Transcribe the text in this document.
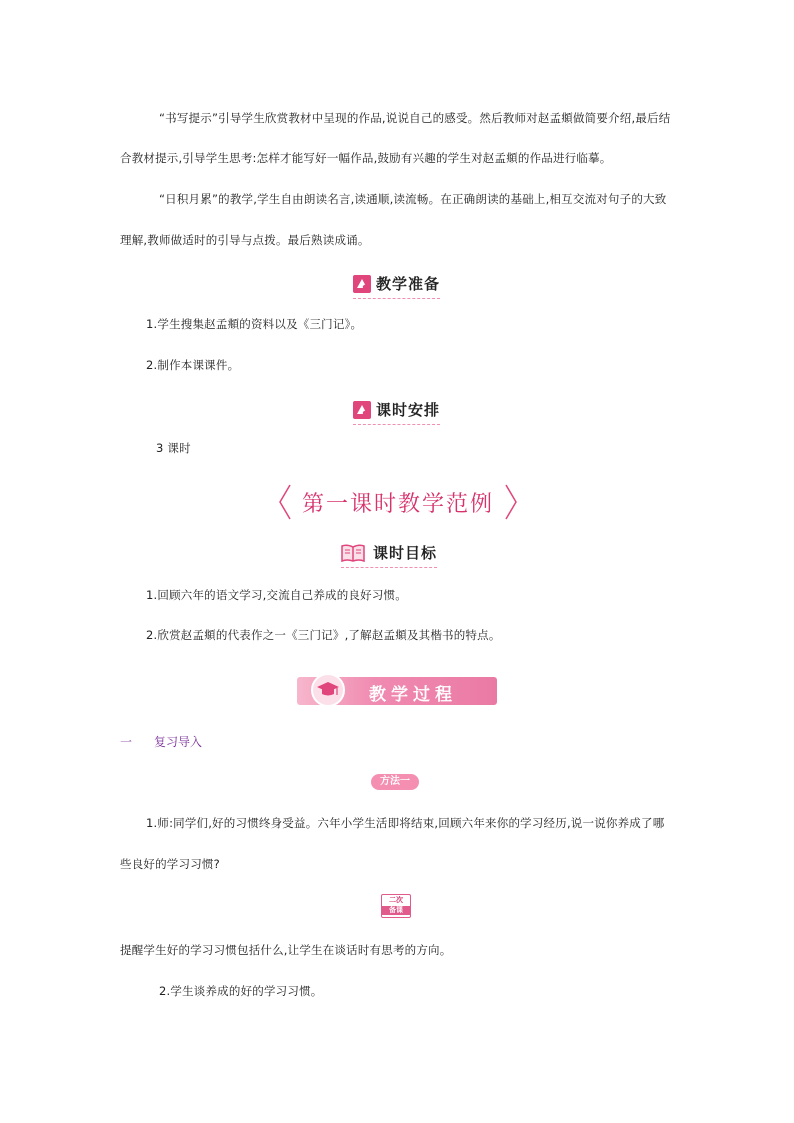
“书写提示”引导学生欣赏教材中呈现的作品,说说自己的感受。然后教师对赵孟頫做简要介绍,最后结
合教材提示,引导学生思考:怎样才能写好一幅作品,鼓励有兴趣的学生对赵孟頫的作品进行临摹。
“日积月累”的教学,学生自由朗读名言,读通顺,读流畅。在正确朗读的基础上,相互交流对句子的大致
理解,教师做适时的引导与点拨。最后熟读成诵。
教学准备
1.学生搜集赵孟頫的资料以及《三门记》。
2.制作本课课件。
课时安排
3 课时
第一课时教学范例
课时目标
1.回顾六年的语文学习,交流自己养成的良好习惯。
2.欣赏赵孟頫的代表作之一《三门记》,了解赵孟頫及其楷书的特点。
教学过程
一 复习导入
方法一
1.师:同学们,好的习惯终身受益。六年小学生活即将结束,回顾六年来你的学习经历,说一说你养成了哪
些良好的学习习惯?
二次
备课
提醒学生好的学习习惯包括什么,让学生在谈话时有思考的方向。
2.学生谈养成的好的学习习惯。
